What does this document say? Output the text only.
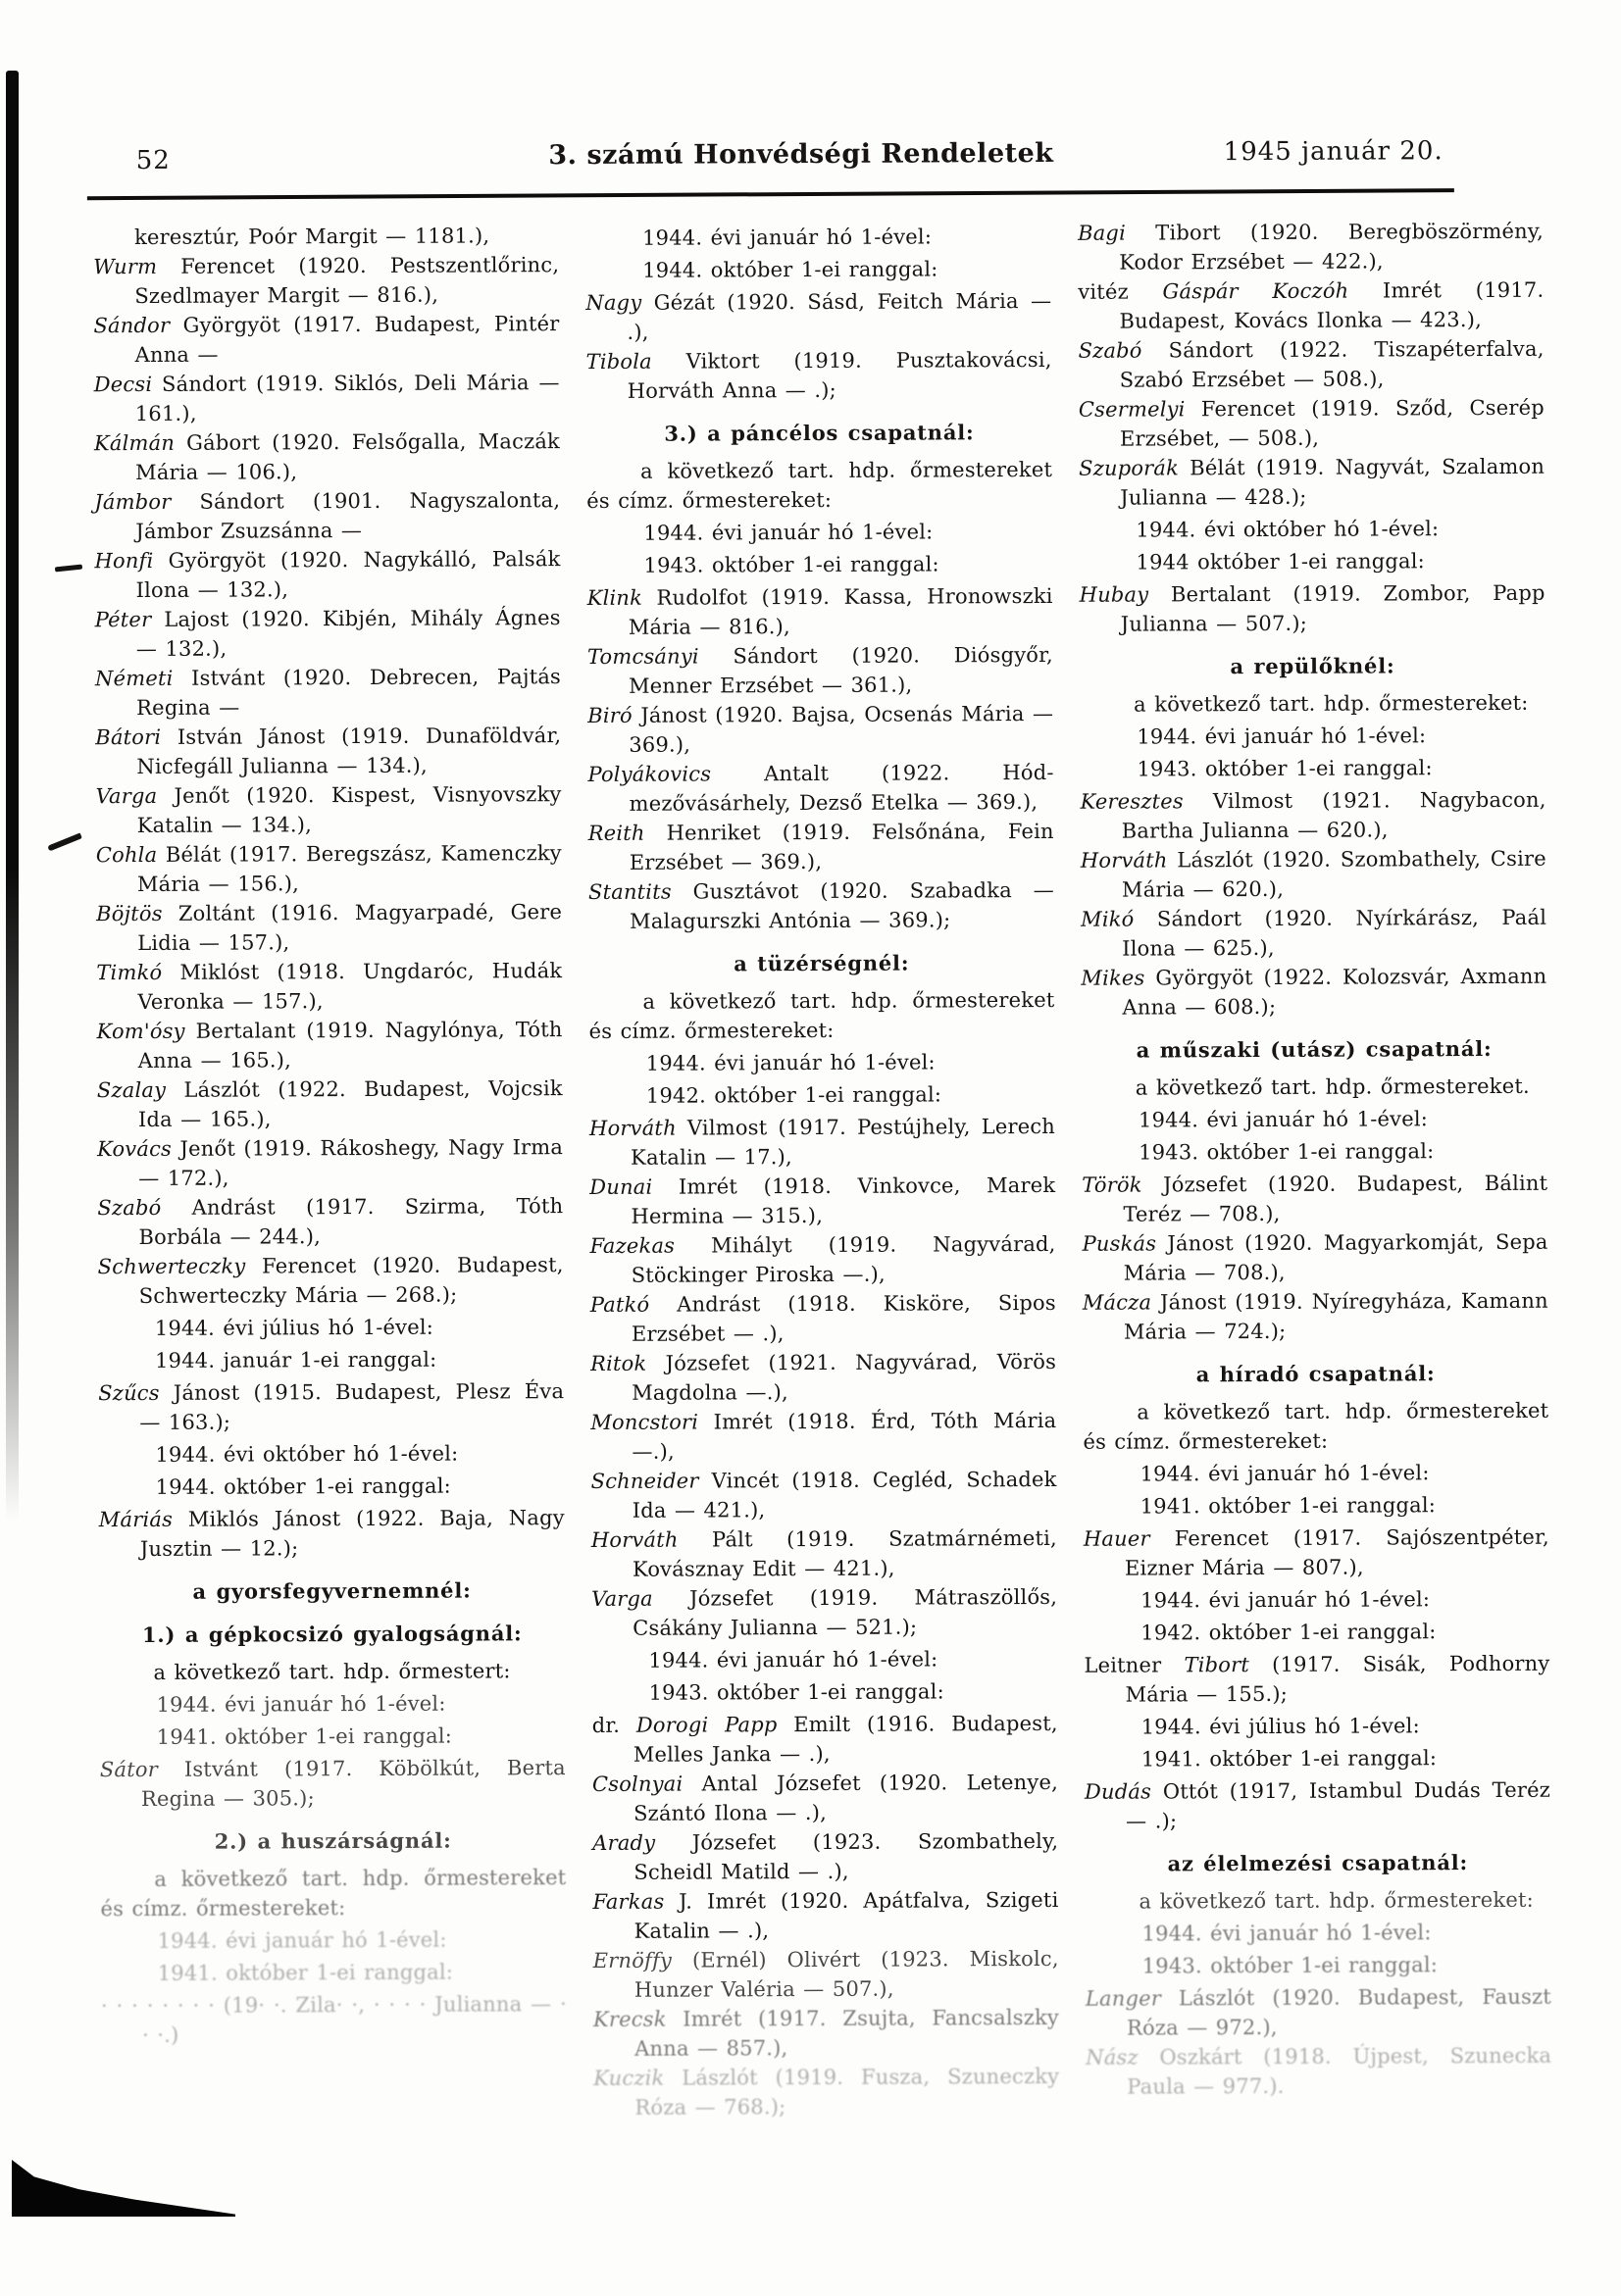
52	3. számú Honvédségi Rendeletek	1945 január 20.

keresztúr, Poór Margit — 1181.),

Wurm Ferencet (1920. Pestszentlőrinc, Szedlmayer Margit — 816.),

Sándor Györgyöt (1917. Budapest, Pintér Anna —

Decsi Sándort (1919. Siklós, Deli Mária — 161.),

Kálmán Gábort (1920. Felsőgalla, Maczák Mária — 106.),

Jámbor Sándort (1901. Nagyszalonta, Jámbor Zsuzsánna —

Honfi Györgyöt (1920. Nagykálló, Palsák Ilona — 132.),

Péter Lajost (1920. Kibjén, Mihály Ágnes — 132.),

Németi Istvánt (1920. Debrecen, Pajtás Regina —

Bátori István Jánost (1919. Dunaföldvár, Nicfegáll Julianna — 134.),

Varga Jenőt (1920. Kispest, Visnyovszky Katalin — 134.),

Cohla Bélát (1917. Beregszász, Kamenczky Mária — 156.),

Böjtös Zoltánt (1916. Magyarpadé, Gere Lidia — 157.),

Timkó Miklóst (1918. Ungdaróc, Hudák Veronka — 157.),

Kom'ósy Bertalant (1919. Nagylónya, Tóth Anna — 165.),

Szalay Lászlót (1922. Budapest, Vojcsik Ida — 165.),

Kovács Jenőt (1919. Rákoshegy, Nagy Irma — 172.),

Szabó Andrást (1917. Szirma, Tóth Borbála — 244.),

Schwerteczky Ferencet (1920. Budapest, Schwerteczky Mária — 268.);

1944. évi július hó 1-ével:

1944. január 1-ei ranggal:

Szűcs Jánost (1915. Budapest, Plesz Éva — 163.);

1944. évi október hó 1-ével:

1944. október 1-ei ranggal:

Máriás Miklós Jánost (1922. Baja, Nagy Jusztin — 12.);

a gyorsfegyvernemnél:

1.) a gépkocsizó gyalogságnál:

a következő tart. hdp. őrmestert:

1944. évi január hó 1-ével:

1941. október 1-ei ranggal:

Sátor Istvánt (1917. Köbölkút, Berta Regina — 305.);

2.) a huszárságnál:

a következő tart. hdp. őrmestereket és címz. őrmestereket:

1944. évi január hó 1-ével:

1941. október 1-ei ranggal:

· · · · · · · · (19· ·. Zila· ·, · · · · Julianna — · · ·.)

1944. évi január hó 1-ével:

1944. október 1-ei ranggal:

Nagy Gézát (1920. Sásd, Feitch Mária — .),

Tibola Viktort (1919. Pusztakovácsi, Horváth Anna — .);

3.) a páncélos csapatnál:

a következő tart. hdp. őrmestereket és címz. őrmestereket:

1944. évi január hó 1-ével:

1943. október 1-ei ranggal:

Klink Rudolfot (1919. Kassa, Hronowszki Mária — 816.),

Tomcsányi Sándort (1920. Diósgyőr, Menner Erzsébet — 361.),

Biró Jánost (1920. Bajsa, Ocsenás Mária — 369.),

Polyákovics Antalt (1922. Hódmezővásárhely, Dezső Etelka — 369.),

Reith Henriket (1919. Felsőnána, Fein Erzsébet — 369.),

Stantits Gusztávot (1920. Szabadka — Malagurszki Antónia — 369.);

a tüzérségnél:

a következő tart. hdp. őrmestereket és címz. őrmestereket:

1944. évi január hó 1-ével:

1942. október 1-ei ranggal:

Horváth Vilmost (1917. Pestújhely, Lerech Katalin — 17.),

Dunai Imrét (1918. Vinkovce, Marek Hermina — 315.),

Fazekas Mihályt (1919. Nagyvárad, Stöckinger Piroska —.),

Patkó Andrást (1918. Kisköre, Sipos Erzsébet — .),

Ritok Józsefet (1921. Nagyvárad, Vörös Magdolna —.),

Moncstori Imrét (1918. Érd, Tóth Mária —.),

Schneider Vincét (1918. Cegléd, Schadek Ida — 421.),

Horváth Pált (1919. Szatmárnémeti, Kovásznay Edit — 421.),

Varga Józsefet (1919. Mátraszöllős, Csákány Julianna — 521.);

1944. évi január hó 1-ével:

1943. október 1-ei ranggal:

dr. Dorogi Papp Emilt (1916. Budapest, Melles Janka — .),

Csolnyai Antal Józsefet (1920. Letenye, Szántó Ilona — .),

Arady Józsefet (1923. Szombathely, Scheidl Matild — .),

Farkas J. Imrét (1920. Apátfalva, Szigeti Katalin — .),

Ernöffy (Ernél) Olivért (1923. Miskolc, Hunzer Valéria — 507.),

Krecsk Imrét (1917. Zsujta, Fancsalszky Anna — 857.),

Kuczik Lászlót (1919. Fusza, Szuneczky Róza — 768.);

Bagi Tibort (1920. Beregböszörmény, Kodor Erzsébet — 422.),

vitéz Gáspár Koczóh Imrét (1917. Budapest, Kovács Ilonka — 423.),

Szabó Sándort (1922. Tiszapéterfalva, Szabó Erzsébet — 508.),

Csermelyi Ferencet (1919. Sződ, Cserép Erzsébet, — 508.),

Szuporák Bélát (1919. Nagyvát, Szalamon Julianna — 428.);

1944. évi október hó 1-ével:

1944 október 1-ei ranggal:

Hubay Bertalant (1919. Zombor, Papp Julianna — 507.);

a repülőknél:

a következő tart. hdp. őrmestereket:

1944. évi január hó 1-ével:

1943. október 1-ei ranggal:

Keresztes Vilmost (1921. Nagybacon, Bartha Julianna — 620.),

Horváth Lászlót (1920. Szombathely, Csire Mária — 620.),

Mikó Sándort (1920. Nyírkárász, Paál Ilona — 625.),

Mikes Györgyöt (1922. Kolozsvár, Axmann Anna — 608.);

a műszaki (utász) csapatnál:

a következő tart. hdp. őrmestereket.

1944. évi január hó 1-ével:

1943. október 1-ei ranggal:

Török Józsefet (1920. Budapest, Bálint Teréz — 708.),

Puskás Jánost (1920. Magyarkomját, Sepa Mária — 708.),

Mácza Jánost (1919. Nyíregyháza, Kamann Mária — 724.);

a híradó csapatnál:

a következő tart. hdp. őrmestereket és címz. őrmestereket:

1944. évi január hó 1-ével:

1941. október 1-ei ranggal:

Hauer Ferencet (1917. Sajószentpéter, Eizner Mária — 807.),

1944. évi január hó 1-ével:

1942. október 1-ei ranggal:

Leitner Tibort (1917. Sisák, Podhorny Mária — 155.);

1944. évi július hó 1-ével:

1941. október 1-ei ranggal:

Dudás Ottót (1917, Istambul Dudás Teréz — .);

az élelmezési csapatnál:

a következő tart. hdp. őrmestereket:

1944. évi január hó 1-ével:

1943. október 1-ei ranggal:

Langer Lászlót (1920. Budapest, Fauszt Róza — 972.),

Nász Oszkárt (1918. Újpest, Szunecka Paula — 977.).
